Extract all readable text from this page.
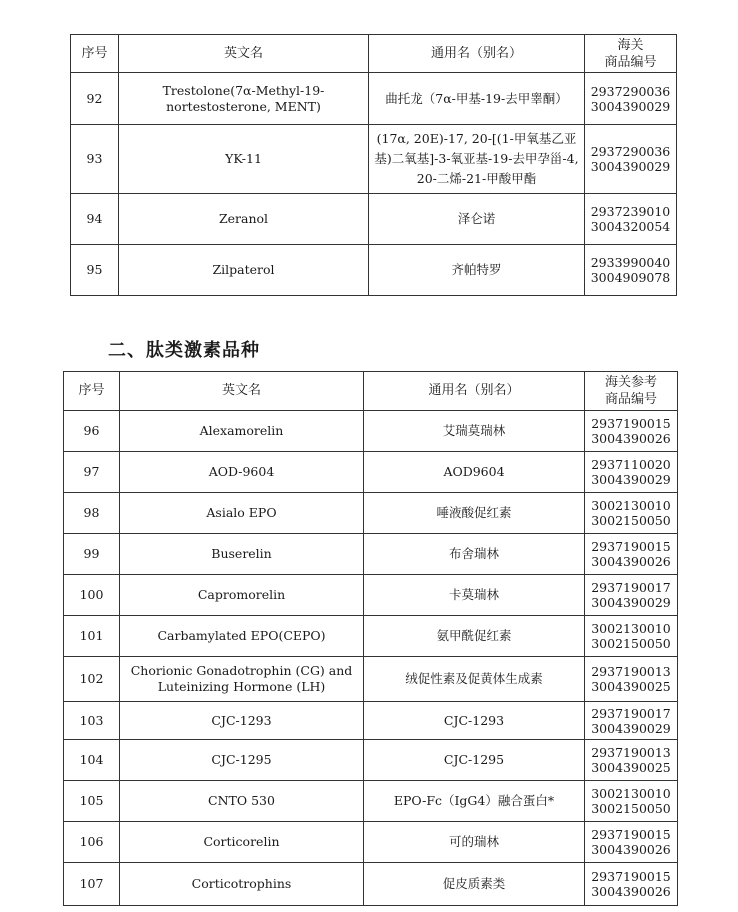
序号	英文名	通用名（别名）	海关
商品编号
92	Trestolone(7α-Methyl-19-nortestosterone, MENT)	曲托龙（7α-甲基-19-去甲睾酮）	2937290036
3004390029

93	YK-11	(17α, 20E)-17, 20-[(1-甲氧基乙亚基)二氧基]-3-氧亚基-19-去甲孕甾-4, 20-二烯-21-甲酸甲酯	2937290036
3004390029

94	Zeranol	泽仑诺	2937239010
3004320054

95	Zilpaterol	齐帕特罗	2933990040
3004909078
二、肽类激素品种
序号	英文名	通用名（别名）	海关参考
商品编号
96	Alexamorelin	艾瑞莫瑞林	2937190015
3004390026

97	AOD-9604	AOD9604	2937110020
3004390029

98	Asialo EPO	唾液酸促红素	3002130010
3002150050

99	Buserelin	布舍瑞林	2937190015
3004390026

100	Capromorelin	卡莫瑞林	2937190017
3004390029

101	Carbamylated EPO(CEPO)	氨甲酰促红素	3002130010
3002150050

102	Chorionic Gonadotrophin (CG) and Luteinizing Hormone (LH)	绒促性素及促黄体生成素	2937190013
3004390025

103	CJC-1293	CJC-1293	2937190017
3004390029

104	CJC-1295	CJC-1295	2937190013
3004390025

105	CNTO 530	EPO-Fc（IgG4）融合蛋白*	3002130010
3002150050

106	Corticorelin	可的瑞林	2937190015
3004390026

107	Corticotrophins	促皮质素类	2937190015
3004390026
